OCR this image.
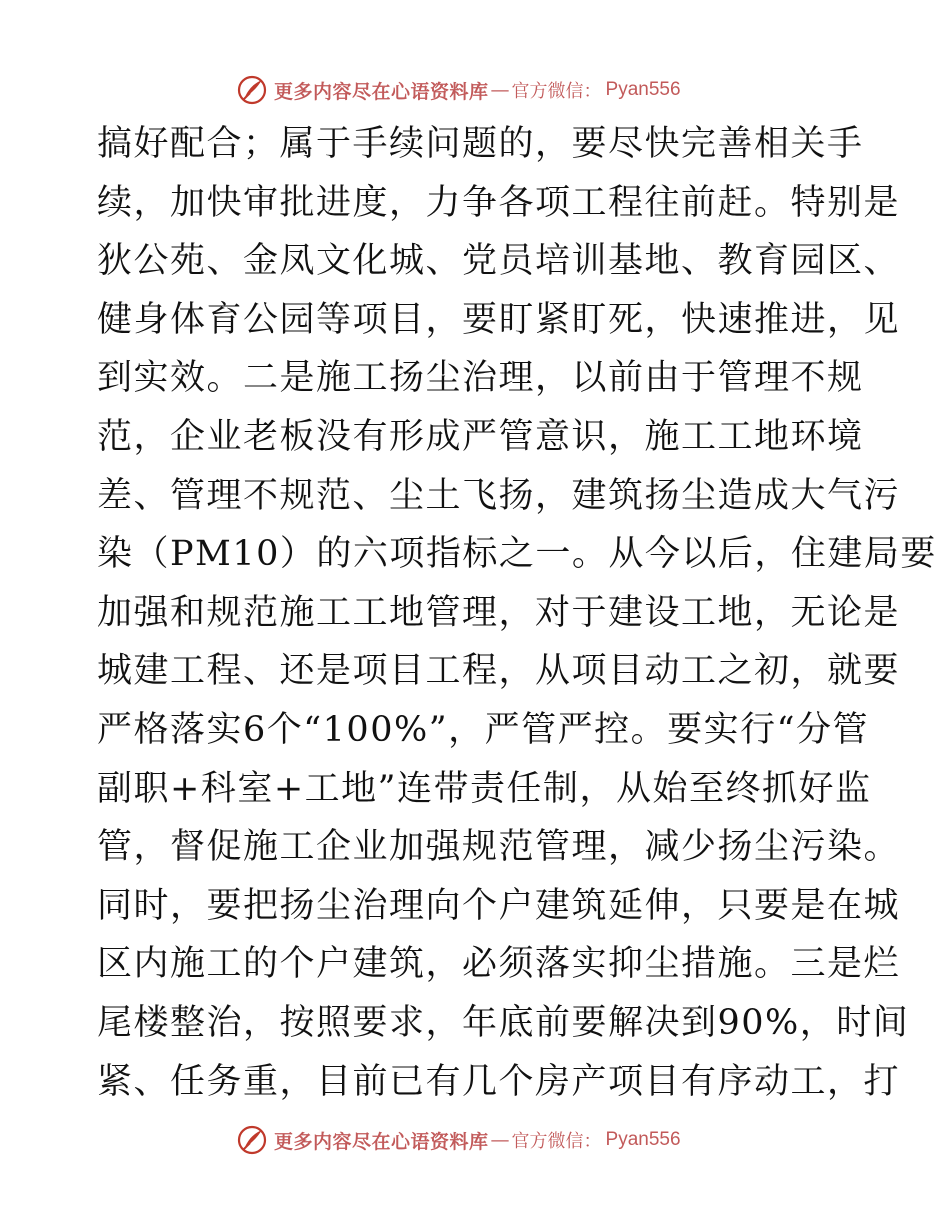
更多内容尽在心语资料库 — 官方微信： Pyan556
搞好配合；属于手续问题的，要尽快完善相关手
续，加快审批进度，力争各项工程往前赶。特别是
狄公苑、金凤文化城、党员培训基地、教育园区、
健身体育公园等项目，要盯紧盯死，快速推进，见
到实效。二是施工扬尘治理，以前由于管理不规
范，企业老板没有形成严管意识，施工工地环境
差、管理不规范、尘土飞扬，建筑扬尘造成大气污
染（PM10）的六项指标之一。从今以后，住建局要
加强和规范施工工地管理，对于建设工地，无论是
城建工程、还是项目工程，从项目动工之初，就要
严格落实6个“100%”，严管严控。要实行“分管
副职+科室+工地”连带责任制，从始至终抓好监
管，督促施工企业加强规范管理，减少扬尘污染。
同时，要把扬尘治理向个户建筑延伸，只要是在城
区内施工的个户建筑，必须落实抑尘措施。三是烂
尾楼整治，按照要求，年底前要解决到90%，时间
紧、任务重，目前已有几个房产项目有序动工，打
更多内容尽在心语资料库 — 官方微信： Pyan556
